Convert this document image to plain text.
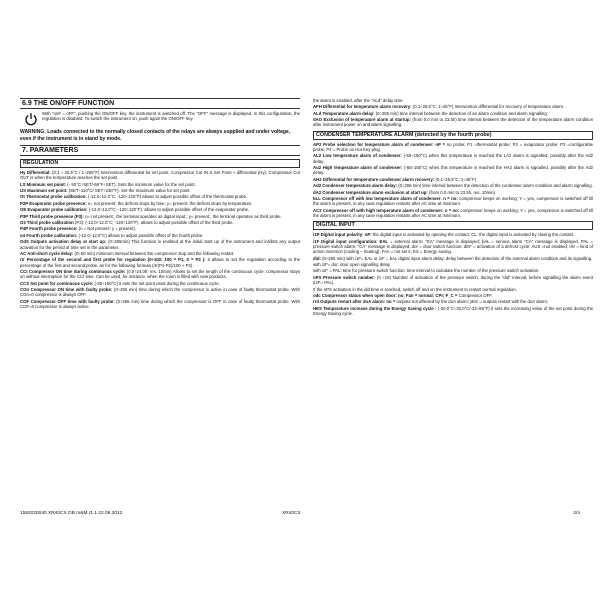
6.9 THE ON/OFF FUNCTION
With "onF = oFF", pushing the ON/OFF key, the instrument is switched off. The "OFF" message is displayed. In this configuration, the regulation is disabled. To switch the instrument on, push again the ON/OFF key.
WARNING: Loads connected to the normally closed contacts of the relays are always supplied and under voltage, even if the instrument is in stand by mode.
7. PARAMETERS
REGULATION
Hy Differential: (0,1 ÷ 25.5°C / 1÷255°F) Intervention differential for set point. Compressor Cut IN is Set Point + differential (Hy). Compressor Cut OUT is when the temperature reaches the set point.
LS Minimum set point: (- 50°C÷SET/-58°F÷SET): Sets the minimum value for the set point.
US Maximum set point: (SET÷110°C/ SET÷230°F). Set the maximum value for set point.
Ot Thermostat probe calibration: (-12.0÷12.0°C; -120÷120°F) allows to adjust possible offset of the thermostat probe.
P2P Evaporator probe presence: n= not present: the defrost stops by time; y= present: the defrost stops by temperature.
OE Evaporator probe calibration: (-12.0÷12.0°C; -120÷120°F). allows to adjust possible offset of the evaporator probe.
P3P Third probe presence (P3): n= not present:, the terminal operates as digital input.; y= present:, the terminal operates as third probe.
O3 Third probe calibration (P3): (-12.0÷12.0°C; -120÷120°F). allows to adjust possible offset of the third probe.
P4P Fourth probe presence: (n = Not present; y = present).
o4 Fourth probe calibration: (-12.0÷12.0°C) allows to adjust possible offset of the fourth probe.
OdS Outputs activation delay at start up: (0÷255min) This function is enabled at the initial start up of the instrument and inhibits any output activation for the period of time set in the parameter.
AC Anti-short cycle delay: (0÷50 min) minimum interval between the compressor stop and the following restart.
rtr Percentage of the second and first probe for regulation (0÷100: 100 = P1, 0 = P2 ): it allows to set the regulation according to the percentage of the first and second probe, as for the following formula (rtr(P1-P2)/100 + P2).
CCt Compressor ON time during continuous cycle: (0.0÷24.0h; res. 10min) Allows to set the length of the continuous cycle: compressor stays on without interruption for the CCt time. Can be used, for instance, when the room is filled with new products.
CCS Set point for continuous cycle: (-50÷150°C) it sets the set point used during the continuous cycle.
COn Compressor ON time with faulty probe: (0÷255 min) time during which the compressor is active in case of faulty thermostat probe. With COn=0 compressor is always OFF.
COF Compressor OFF time with faulty probe: (0÷255 min) time during which the compressor is OFF in case of faulty thermostat probe. With COF=0 compressor is always active.
the alarm is enabled, after the "ALd" delay time.
AFH Differential for temperature alarm recovery: (0,1÷25,5°C; 1÷45°F) Intervention differential for recovery of temperature alarm.
ALd Temperature alarm delay: (0÷255 min) time interval between the detection of an alarm condition and alarm signalling.
dAO Exclusion of temperature alarm at startup: (from 0.0 min to 23.5h) time interval between the detection of the temperature alarm condition after instrument power on and alarm signalling.
CONDENSER TEMPERATURE ALARM (detected by the fourth probe)
AP2 Probe selection for temperature alarm of condenser: nP = no probe; P1 =thermostat probe; P2 = evaporator probe; P3 =configurable probe; P4 = Probe on Hot Key plug.
AL2 Low temperature alarm of condenser: (-55÷150°C) when this temperature is reached the LA2 alarm is signalled, possibly after the Ad2 delay.
Au2 High temperature alarm of condenser: (-55÷150°C) when this temperature is reached the HA2 alarm is signalled, possibly after the Ad2 delay.
AH2 Differential for temperature condenser alarm recovery: (0,1÷25,5°C; 1÷45°F)
Ad2 Condenser temperature alarm delay: (0÷255 min) time interval between the detection of the condenser alarm condition and alarm signalling.
dA2 Condenser temperature alarm exclusion at start up: (from 0.0 min to 23.5h, res. 10min)
bLL Compressor off with low temperature alarm of condenser: n = no: compressor keeps on working; Y = yes, compressor is switched off till the alarm is present, in any case regulation restarts after AC time at minimum.
AC2 Compressor off with high temperature alarm of condenser: n = no: compressor keeps on working; Y = yes, compressor is switched off till the alarm is present, in any case regulation restarts after AC time at minimum.
DIGITAL INPUT
i1P Digital input polarity: oP: the digital input is activated by opening the contact; CL: the digital input is activated by closing the contact.
i1F Digital input configuration: EAL = external alarm: "EA" message is displayed; bAL = serious alarm "CA" message is displayed. PAL = pressure switch alarm, "CA" message is displayed; dor = door switch function; dEF = activation of a defrost cycle; AUS =not enabled; Htr = kind of action inversion (cooling – heating); FAn = not set it; ES = Energy saving.
did: (0÷255 min) with i1F= EAL or i1F = bAL digital input alarm delay: delay between the detection of the external alarm condition and its signalling.
with i1F= dor: door open signalling delay
with i1F = PAL: time for pressure switch function: time interval to calculate the number of the pressure switch activation.
nPS Pressure switch number: (0 ÷15) Number of activation of the pressure switch, during the "did" interval, before signalling the alarm event (i2F= PAL).
If the nPS activation in the did time is reached, switch off and on the instrument to restart normal regulation.
odc Compressor status when open door: no; Fan = normal; CPr; F_C = Compressor OFF.
rrd Outputs restart after doA alarm: no = outputs not affected by the doA alarm; yES = outputs restart with the doA alarm;
HES Temperature increase during the Energy Saving cycle : (-30,0°C÷30,0°C/-22÷86°F) it sets the increasing value of the set point during the Energy Saving cycle.
1592020040 XR40CX GB m&M r1.1 22.06.2012	XR40CX	2/4
